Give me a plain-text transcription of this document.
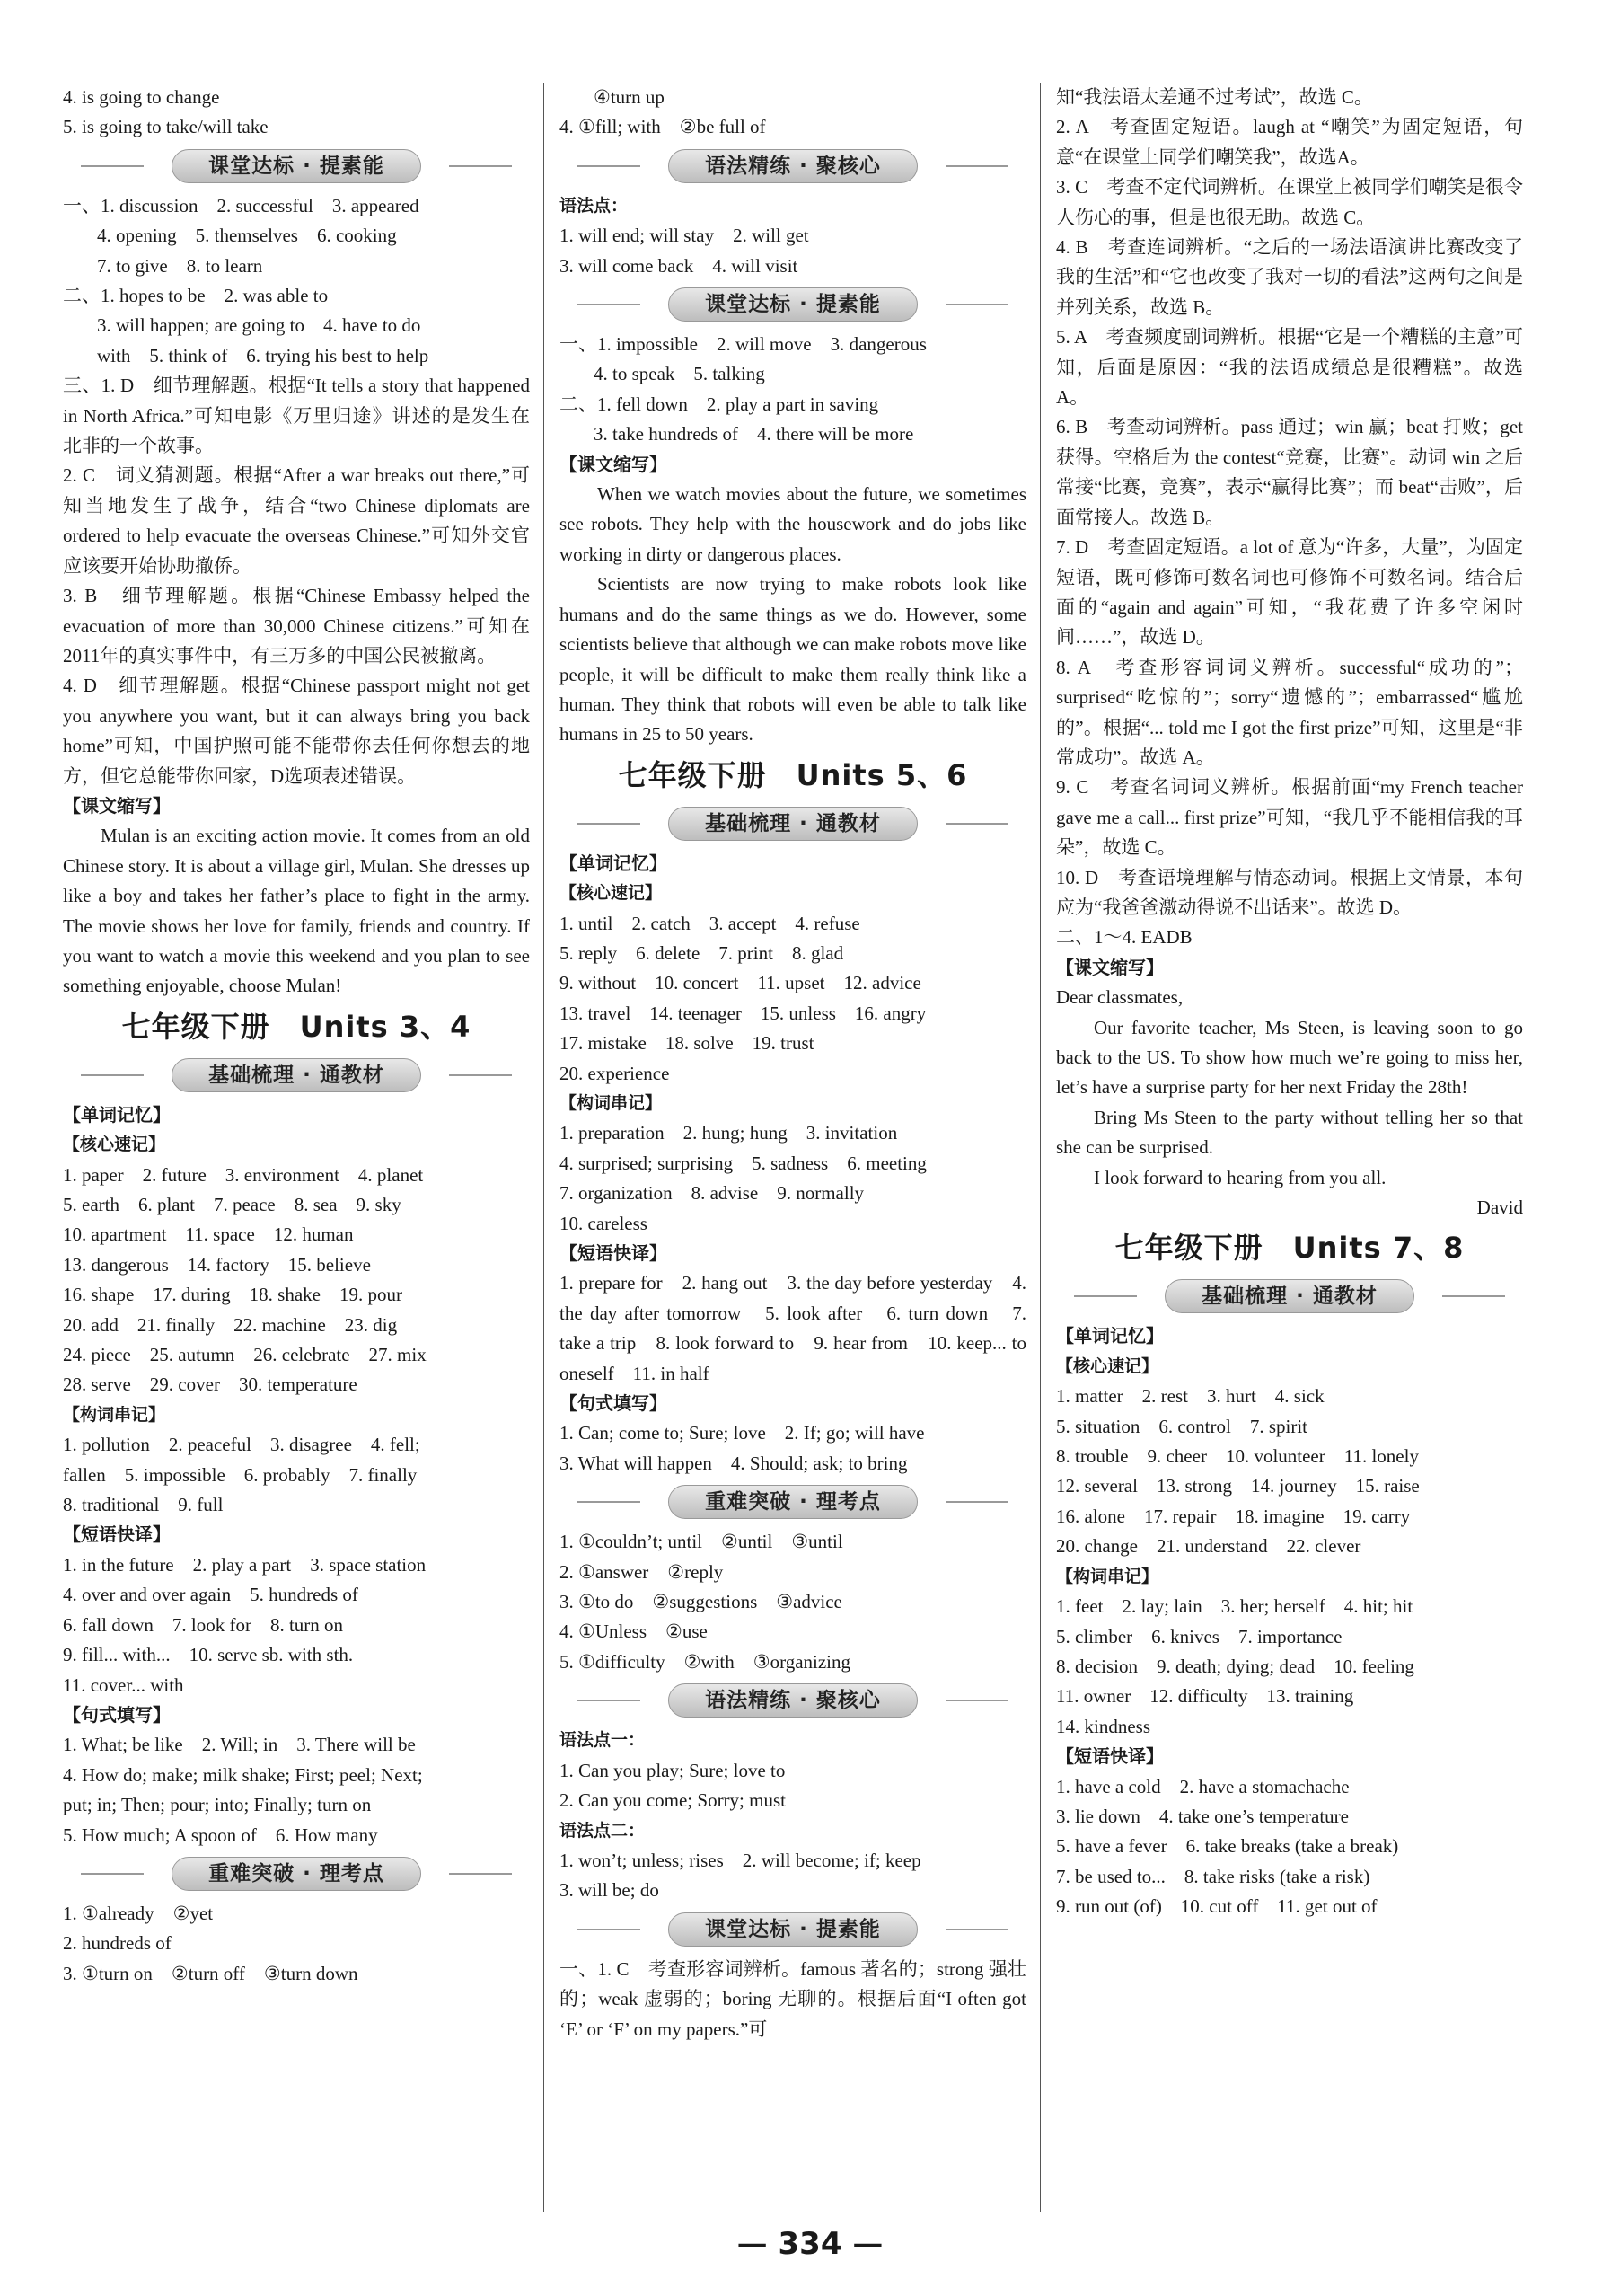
4. is going to change
5. is going to take/will take
课堂达标 · 提素能
一、1. discussion　2. successful　3. appeared
4. opening　5. themselves　6. cooking
7. to give　8. to learn
二、1. hopes to be　2. was able to
3. will happen; are going to　4. have to do
with　5. think of　6. trying his best to help
三、1. D　细节理解题。根据“It tells a story that happened in North Africa.”可知电影《万里归途》讲述的是发生在北非的一个故事。
2. C　词义猜测题。根据“After a war breaks out there,”可知当地发生了战争，结合“two Chinese diplomats are ordered to help evacuate the overseas Chinese.”可知外交官应该要开始协助撤侨。
3. B　细节理解题。根据“Chinese Embassy helped the evacuation of more than 30,000 Chinese citizens.”可知在2011年的真实事件中，有三万多的中国公民被撤离。
4. D　细节理解题。根据“Chinese passport might not get you anywhere you want, but it can always bring you back home”可知，中国护照可能不能带你去任何你想去的地方，但它总能带你回家，D选项表述错误。
【课文缩写】
Mulan is an exciting action movie. It comes from an old Chinese story. It is about a village girl, Mulan. She dresses up like a boy and takes her father’s place to fight in the army. The movie shows her love for family, friends and country. If you want to watch a movie this weekend and you plan to see something enjoyable, choose Mulan!
七年级下册　Units 3、4
基础梳理 · 通教材
【单词记忆】
【核心速记】
1. paper　2. future　3. environment　4. planet
5. earth　6. plant　7. peace　8. sea　9. sky
10. apartment　11. space　12. human
13. dangerous　14. factory　15. believe
16. shape　17. during　18. shake　19. pour
20. add　21. finally　22. machine　23. dig
24. piece　25. autumn　26. celebrate　27. mix
28. serve　29. cover　30. temperature
【构词串记】
1. pollution　2. peaceful　3. disagree　4. fell;
fallen　5. impossible　6. probably　7. finally
8. traditional　9. full
【短语快译】
1. in the future　2. play a part　3. space station
4. over and over again　5. hundreds of
6. fall down　7. look for　8. turn on
9. fill... with...　10. serve sb. with sth.
11. cover... with
【句式填写】
1. What; be like　2. Will; in　3. There will be
4. How do; make; milk shake; First; peel; Next;
put; in; Then; pour; into; Finally; turn on
5. How much; A spoon of　6. How many
重难突破 · 理考点
1. ①already　②yet
2. hundreds of
3. ①turn on　②turn off　③turn down
④turn up
4. ①fill; with　②be full of
语法精练 · 聚核心
语法点：
1. will end; will stay　2. will get
3. will come back　4. will visit
课堂达标 · 提素能
一、1. impossible　2. will move　3. dangerous
4. to speak　5. talking
二、1. fell down　2. play a part in saving
3. take hundreds of　4. there will be more
【课文缩写】
When we watch movies about the future, we sometimes see robots. They help with the housework and do jobs like working in dirty or dangerous places.
Scientists are now trying to make robots look like humans and do the same things as we do. However, some scientists believe that although we can make robots move like people, it will be difficult to make them really think like a human. They think that robots will even be able to talk like humans in 25 to 50 years.
七年级下册　Units 5、6
基础梳理 · 通教材
【单词记忆】
【核心速记】
1. until　2. catch　3. accept　4. refuse
5. reply　6. delete　7. print　8. glad
9. without　10. concert　11. upset　12. advice
13. travel　14. teenager　15. unless　16. angry
17. mistake　18. solve　19. trust
20. experience
【构词串记】
1. preparation　2. hung; hung　3. invitation
4. surprised; surprising　5. sadness　6. meeting
7. organization　8. advise　9. normally
10. careless
【短语快译】
1. prepare for　2. hang out　3. the day before yesterday　4. the day after tomorrow　5. look after　6. turn down　7. take a trip　8. look forward to　9. hear from　10. keep... to oneself　11. in half
【句式填写】
1. Can; come to; Sure; love　2. If; go; will have
3. What will happen　4. Should; ask; to bring
重难突破 · 理考点
1. ①couldn’t; until　②until　③until
2. ①answer　②reply
3. ①to do　②suggestions　③advice
4. ①Unless　②use
5. ①difficulty　②with　③organizing
语法精练 · 聚核心
语法点一：
1. Can you play; Sure; love to
2. Can you come; Sorry; must
语法点二：
1. won’t; unless; rises　2. will become; if; keep
3. will be; do
课堂达标 · 提素能
一、1. C　考查形容词辨析。famous 著名的；strong 强壮的；weak 虚弱的；boring 无聊的。根据后面“I often got ‘E’ or ‘F’ on my papers.”可
知“我法语太差通不过考试”，故选 C。
2. A　考查固定短语。laugh at “嘲笑”为固定短语，句意“在课堂上同学们嘲笑我”，故选A。
3. C　考查不定代词辨析。在课堂上被同学们嘲笑是很令人伤心的事，但是也很无助。故选 C。
4. B　考查连词辨析。“之后的一场法语演讲比赛改变了我的生活”和“它也改变了我对一切的看法”这两句之间是并列关系，故选 B。
5. A　考查频度副词辨析。根据“它是一个糟糕的主意”可知，后面是原因：“我的法语成绩总是很糟糕”。故选 A。
6. B　考查动词辨析。pass 通过；win 赢；beat 打败；get 获得。空格后为 the contest“竞赛，比赛”。动词 win 之后常接“比赛，竞赛”，表示“赢得比赛”；而 beat“击败”，后面常接人。故选 B。
7. D　考查固定短语。a lot of 意为“许多，大量”，为固定短语，既可修饰可数名词也可修饰不可数名词。结合后面的“again and again”可知，“我花费了许多空闲时间……”，故选 D。
8. A　考查形容词词义辨析。successful“成功的”；surprised“吃惊的”；sorry“遗憾的”；embarrassed“尴尬的”。根据“... told me I got the first prize”可知，这里是“非常成功”。故选 A。
9. C　考查名词词义辨析。根据前面“my French teacher gave me a call... first prize”可知，“我几乎不能相信我的耳朵”，故选 C。
10. D　考查语境理解与情态动词。根据上文情景，本句应为“我爸爸激动得说不出话来”。故选 D。
二、1～4. EADB
【课文缩写】
Dear classmates,
Our favorite teacher, Ms Steen, is leaving soon to go back to the US. To show how much we’re going to miss her, let’s have a surprise party for her next Friday the 28th!
Bring Ms Steen to the party without telling her so that she can be surprised.
I look forward to hearing from you all.
David
七年级下册　Units 7、8
基础梳理 · 通教材
【单词记忆】
【核心速记】
1. matter　2. rest　3. hurt　4. sick
5. situation　6. control　7. spirit
8. trouble　9. cheer　10. volunteer　11. lonely
12. several　13. strong　14. journey　15. raise
16. alone　17. repair　18. imagine　19. carry
20. change　21. understand　22. clever
【构词串记】
1. feet　2. lay; lain　3. her; herself　4. hit; hit
5. climber　6. knives　7. importance
8. decision　9. death; dying; dead　10. feeling
11. owner　12. difficulty　13. training
14. kindness
【短语快译】
1. have a cold　2. have a stomachache
3. lie down　4. take one’s temperature
5. have a fever　6. take breaks (take a break)
7. be used to...　8. take risks (take a risk)
9. run out (of)　10. cut off　11. get out of
— 334 —
